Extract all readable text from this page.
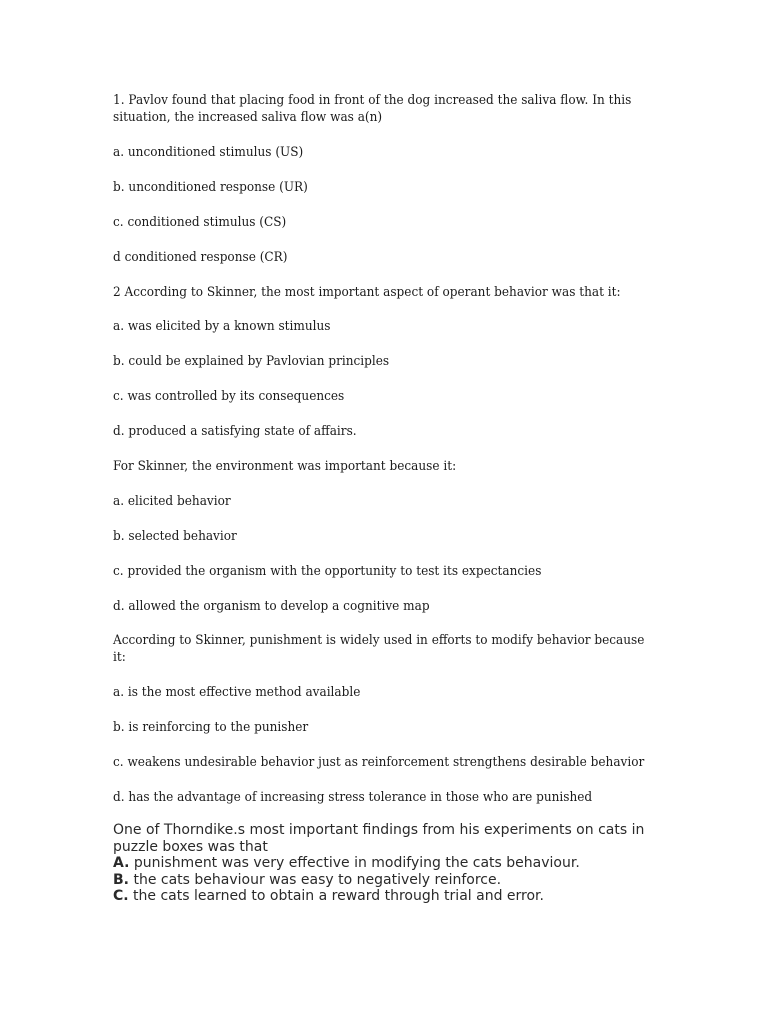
1. Pavlov found that placing food in front of the dog increased the saliva flow. In this situation, the increased saliva flow was a(n)
a. unconditioned stimulus (US)
b. unconditioned response (UR)
c. conditioned stimulus (CS)
d conditioned response (CR)
2 According to Skinner, the most important aspect of operant behavior was that it:
a. was elicited by a known stimulus
b. could be explained by Pavlovian principles
c. was controlled by its consequences
d. produced a satisfying state of affairs.
For Skinner, the environment was important because it:
a. elicited behavior
b. selected behavior
c. provided the organism with the opportunity to test its expectancies
d. allowed the organism to develop a cognitive map
According to Skinner, punishment is widely used in efforts to modify behavior because it:
a. is the most effective method available
b. is reinforcing to the punisher
c. weakens undesirable behavior just as reinforcement strengthens desirable behavior
d. has the advantage of increasing stress tolerance in those who are punished
One of Thorndike.s most important findings from his experiments on cats in puzzle boxes was that
A. punishment was very effective in modifying the cats behaviour.
B. the cats behaviour was easy to negatively reinforce.
C. the cats learned to obtain a reward through trial and error.
